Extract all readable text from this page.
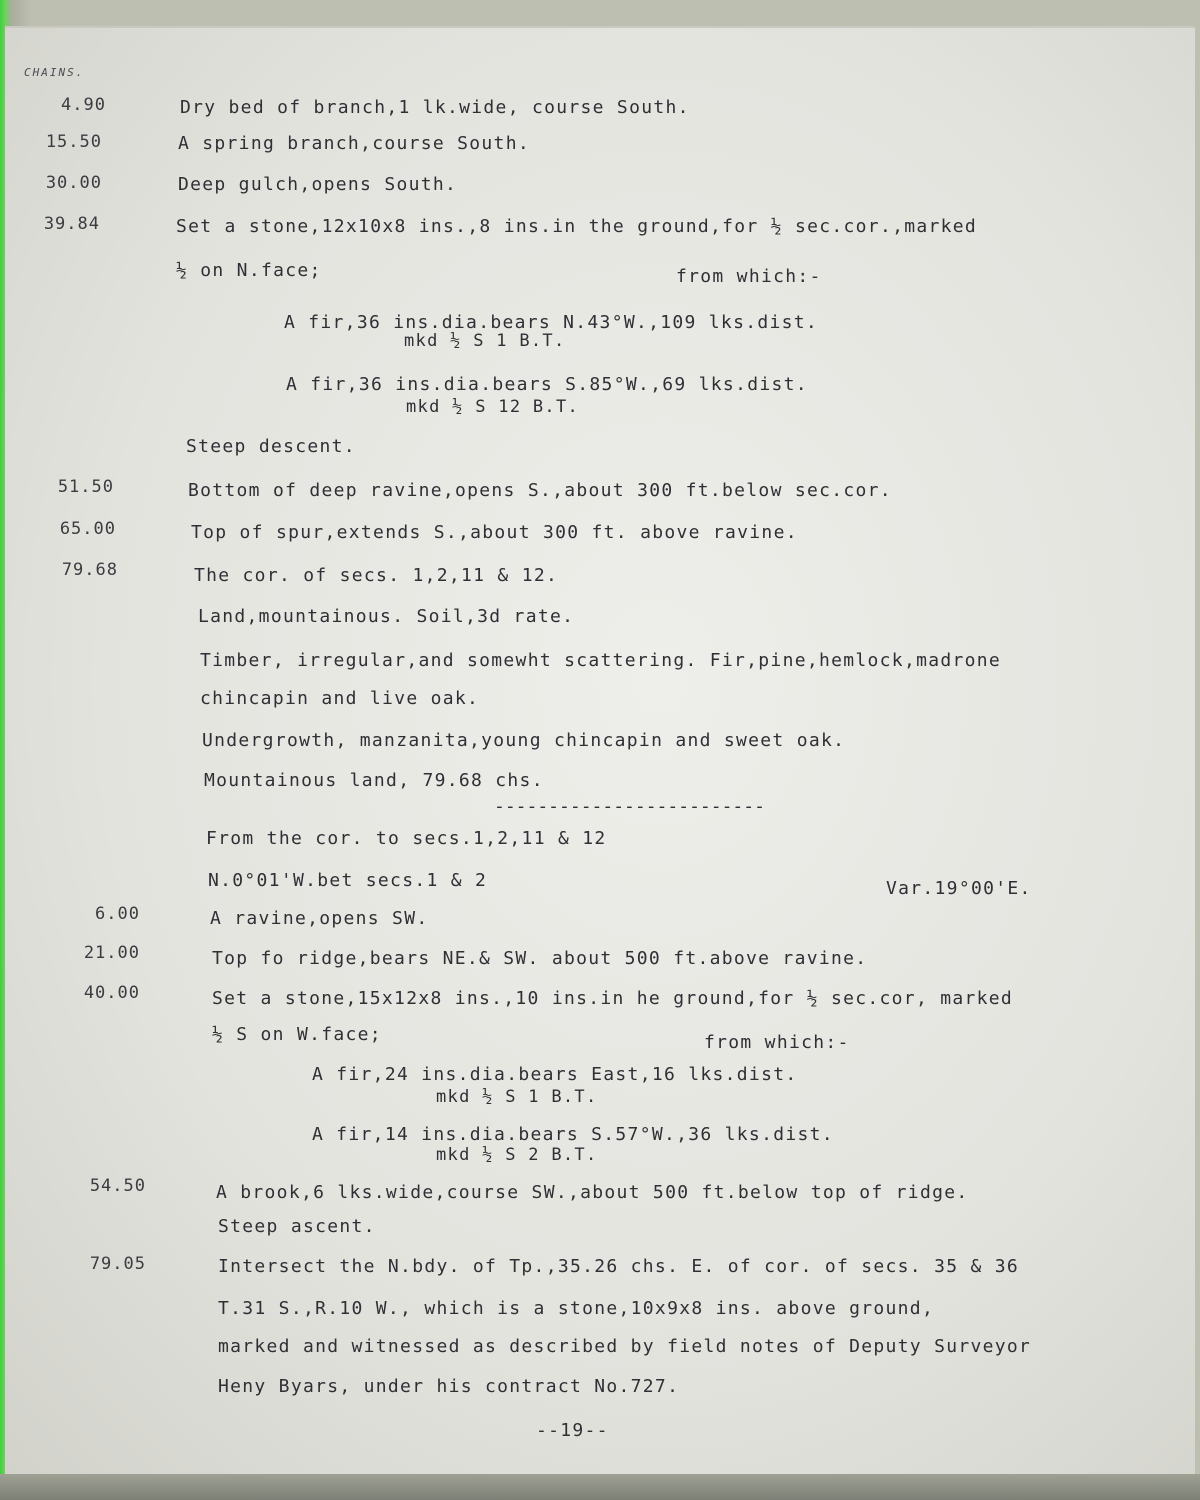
CHAINS.
4.90	Dry bed of branch,1 lk.wide, course South.
15.50	A spring branch,course South.
30.00	Deep gulch,opens South.
39.84	Set a stone,12x10x8 ins.,8 ins.in the ground,for ½ sec.cor.,marked
½ on N.face;	from which:-
A fir,36 ins.dia.bears N.43°W.,109 lks.dist.
mkd ½ S 1 B.T.
A fir,36 ins.dia.bears S.85°W.,69 lks.dist.
mkd ½ S 12 B.T.
Steep descent.
51.50	Bottom of deep ravine,opens S.,about 300 ft.below sec.cor.
65.00	Top of spur,extends S.,about 300 ft. above ravine.
79.68	The cor. of secs. 1,2,11 & 12.
Land,mountainous. Soil,3d rate.
Timber, irregular,and somewht scattering. Fir,pine,hemlock,madrone
chincapin and live oak.
Undergrowth, manzanita,young chincapin and sweet oak.
Mountainous land, 79.68 chs.
-------------------------
From the cor. to secs.1,2,11 & 12
N.0°01'W.bet secs.1 & 2	Var.19°00'E.
6.00	A ravine,opens SW.
21.00	Top fo ridge,bears NE.& SW. about 500 ft.above ravine.
40.00	Set a stone,15x12x8 ins.,10 ins.in he ground,for ½ sec.cor, marked
½ S on W.face;	from which:-
A fir,24 ins.dia.bears East,16 lks.dist.
mkd ½ S 1 B.T.
A fir,14 ins.dia.bears S.57°W.,36 lks.dist.
mkd ½ S 2 B.T.
54.50	A brook,6 lks.wide,course SW.,about 500 ft.below top of ridge.
Steep ascent.
79.05	Intersect the N.bdy. of Tp.,35.26 chs. E. of cor. of secs. 35 & 36
T.31 S.,R.10 W., which is a stone,10x9x8 ins. above ground,
marked and witnessed as described by field notes of Deputy Surveyor
Heny Byars, under his contract No.727.
--19--
